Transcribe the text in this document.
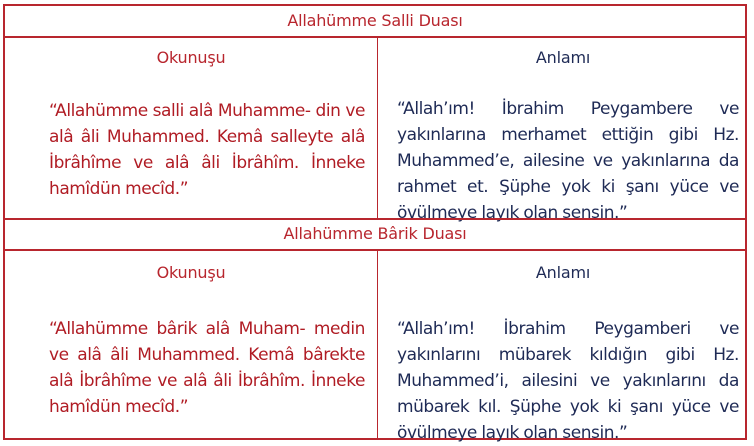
Allahümme Salli Duası
Okunuşu
“Allahümme salli alâ Muhamme- din ve alâ âli Muhammed. Kemâ salleyte alâ İbrâhîme ve alâ âli İbrâhîm. İnneke hamîdün mecîd.”
Anlamı
“Allah’ım! İbrahim Peygambere ve yakınlarına merhamet ettiğin gibi Hz. Muhammed’e, ailesine ve yakınlarına da rahmet et. Şüphe yok ki şanı yüce ve övülmeye layık olan sensin.”
Allahümme Bârik Duası
Okunuşu
“Allahümme bârik alâ Muham- medin ve alâ âli Muhammed. Kemâ bârekte alâ İbrâhîme ve alâ âli İbrâhîm. İnneke hamîdün mecîd.”
Anlamı
“Allah’ım! İbrahim Peygamberi ve yakınlarını mübarek kıldığın gibi Hz. Muhammed’i, ailesini ve yakınlarını da mübarek kıl. Şüphe yok ki şanı yüce ve övülmeye layık olan sensin.”
